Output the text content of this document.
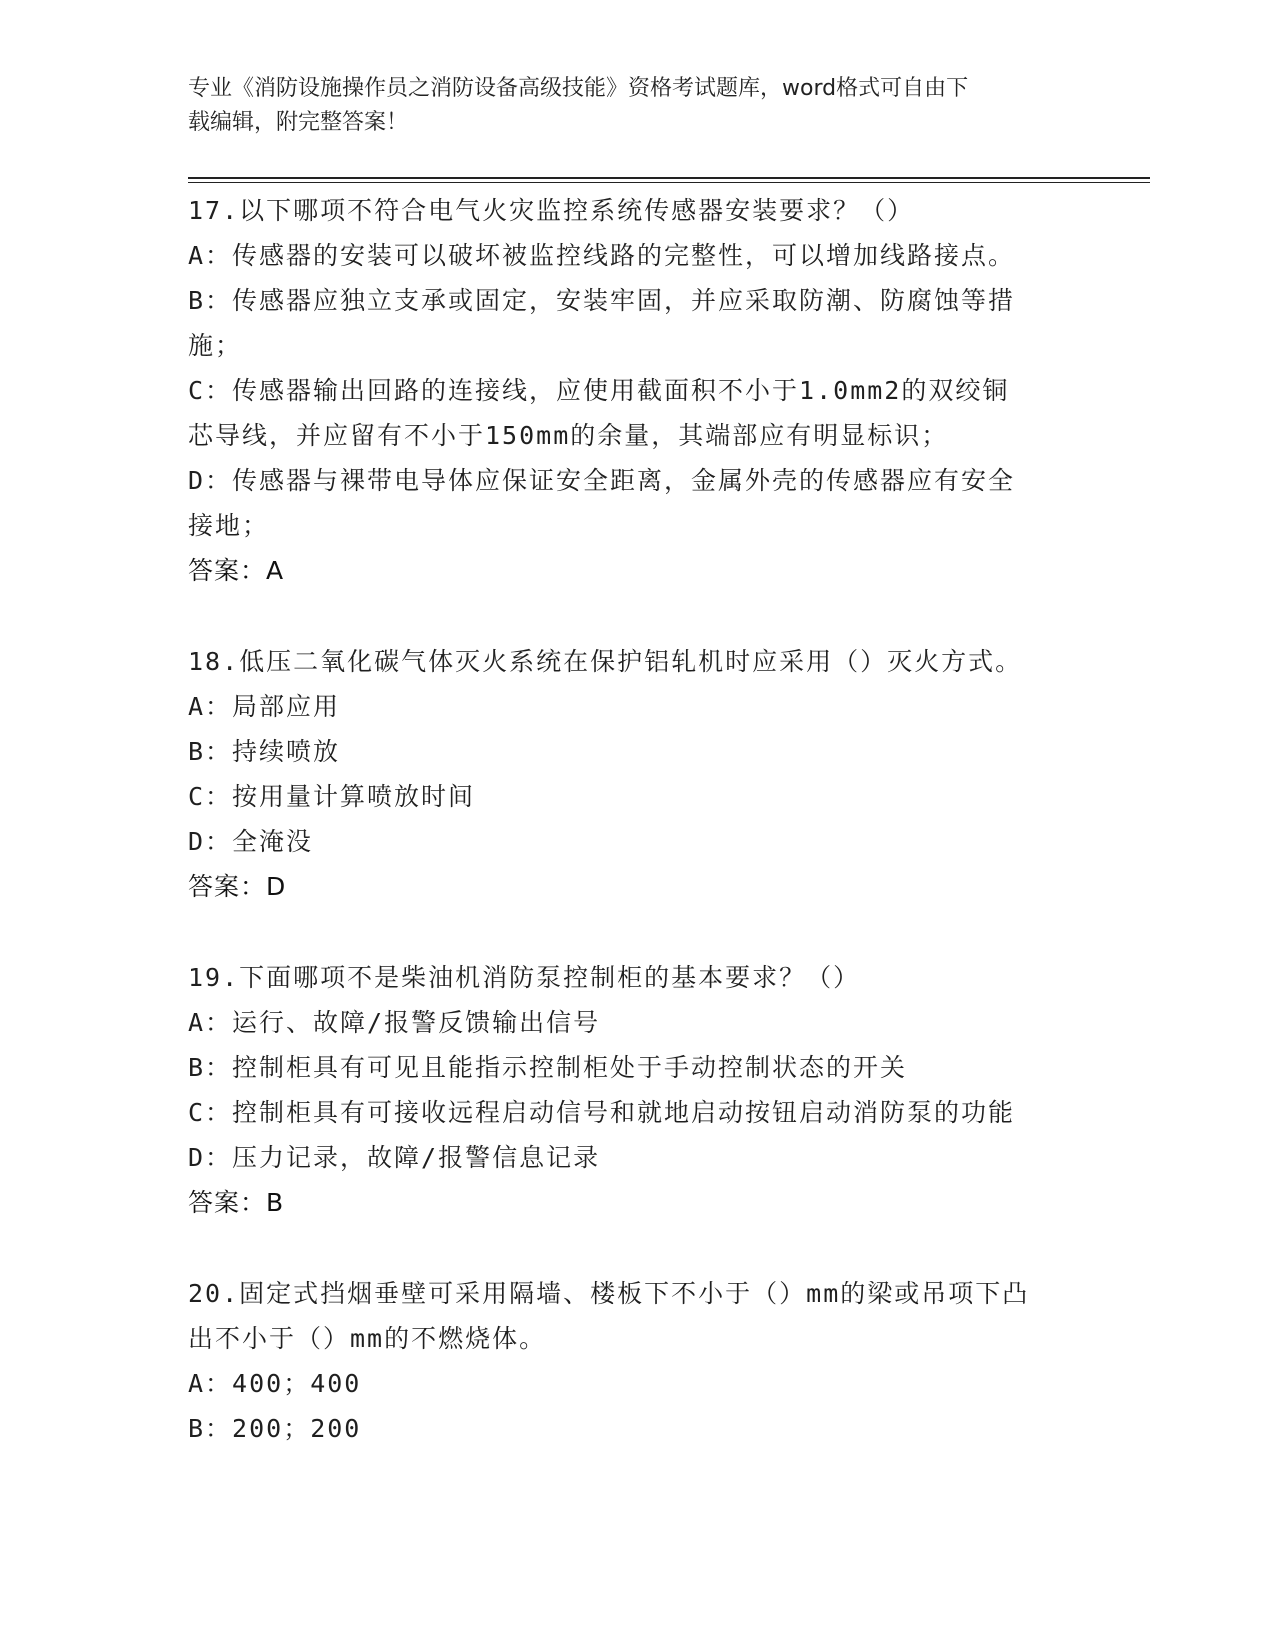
专业《消防设施操作员之消防设备高级技能》资格考试题库，word格式可自由下
载编辑，附完整答案！
17.以下哪项不符合电气火灾监控系统传感器安装要求？（）
A：传感器的安装可以破坏被监控线路的完整性，可以增加线路接点。
B：传感器应独立支承或固定，安装牢固，并应采取防潮、防腐蚀等措
施；
C：传感器输出回路的连接线，应使用截面积不小于1.0mm2的双绞铜
芯导线，并应留有不小于150mm的余量，其端部应有明显标识；
D：传感器与裸带电导体应保证安全距离，金属外壳的传感器应有安全
接地；
答案：A
18.低压二氧化碳气体灭火系统在保护铝轧机时应采用（）灭火方式。
A：局部应用
B：持续喷放
C：按用量计算喷放时间
D：全淹没
答案：D
19.下面哪项不是柴油机消防泵控制柜的基本要求？（）
A：运行、故障/报警反馈输出信号
B：控制柜具有可见且能指示控制柜处于手动控制状态的开关
C：控制柜具有可接收远程启动信号和就地启动按钮启动消防泵的功能
D：压力记录，故障/报警信息记录
答案：B
20.固定式挡烟垂壁可采用隔墙、楼板下不小于（）mm的梁或吊项下凸
出不小于（）mm的不燃烧体。
A：400；400
B：200；200
